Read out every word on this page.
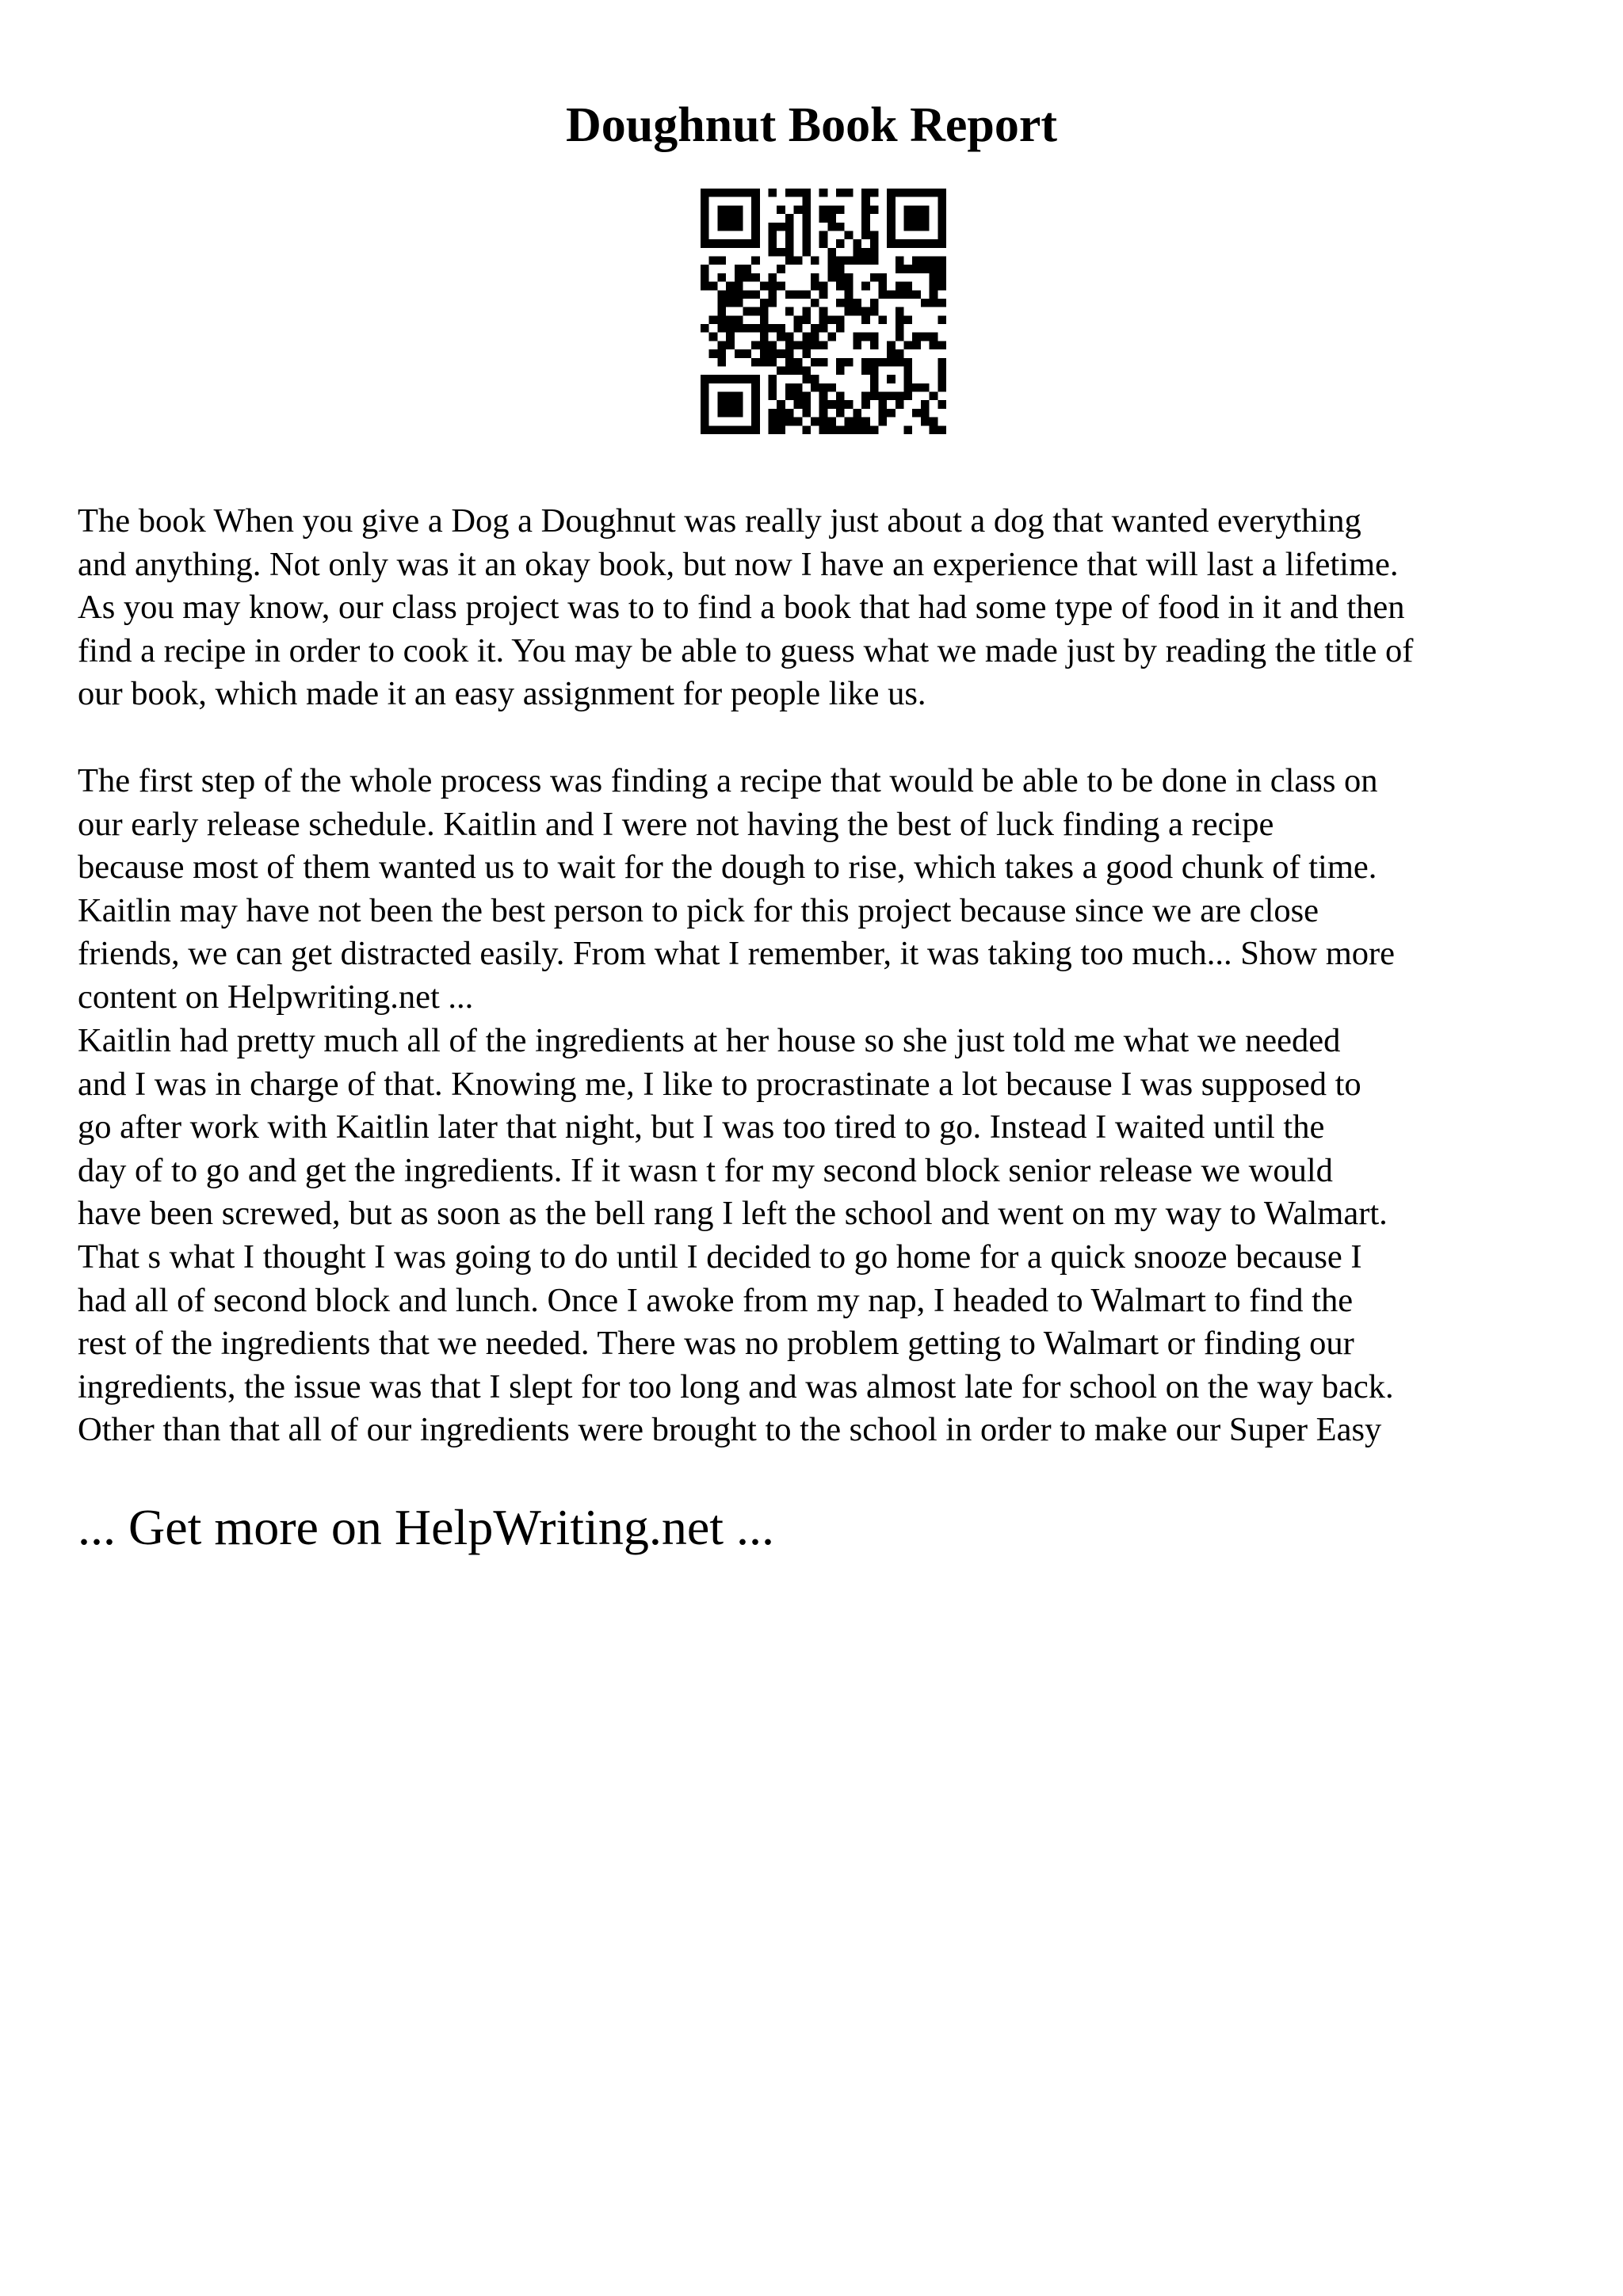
Doughnut Book Report
The book When you give a Dog a Doughnut was really just about a dog that wanted everything
and anything. Not only was it an okay book, but now I have an experience that will last a lifetime.
As you may know, our class project was to to find a book that had some type of food in it and then
find a recipe in order to cook it. You may be able to guess what we made just by reading the title of
our book, which made it an easy assignment for people like us.
The first step of the whole process was finding a recipe that would be able to be done in class on
our early release schedule. Kaitlin and I were not having the best of luck finding a recipe
because most of them wanted us to wait for the dough to rise, which takes a good chunk of time.
Kaitlin may have not been the best person to pick for this project because since we are close
friends, we can get distracted easily. From what I remember, it was taking too much... Show more
content on Helpwriting.net ...
Kaitlin had pretty much all of the ingredients at her house so she just told me what we needed
and I was in charge of that. Knowing me, I like to procrastinate a lot because I was supposed to
go after work with Kaitlin later that night, but I was too tired to go. Instead I waited until the
day of to go and get the ingredients. If it wasn t for my second block senior release we would
have been screwed, but as soon as the bell rang I left the school and went on my way to Walmart.
That s what I thought I was going to do until I decided to go home for a quick snooze because I
had all of second block and lunch. Once I awoke from my nap, I headed to Walmart to find the
rest of the ingredients that we needed. There was no problem getting to Walmart or finding our
ingredients, the issue was that I slept for too long and was almost late for school on the way back.
Other than that all of our ingredients were brought to the school in order to make our Super Easy

... Get more on HelpWriting.net ...
